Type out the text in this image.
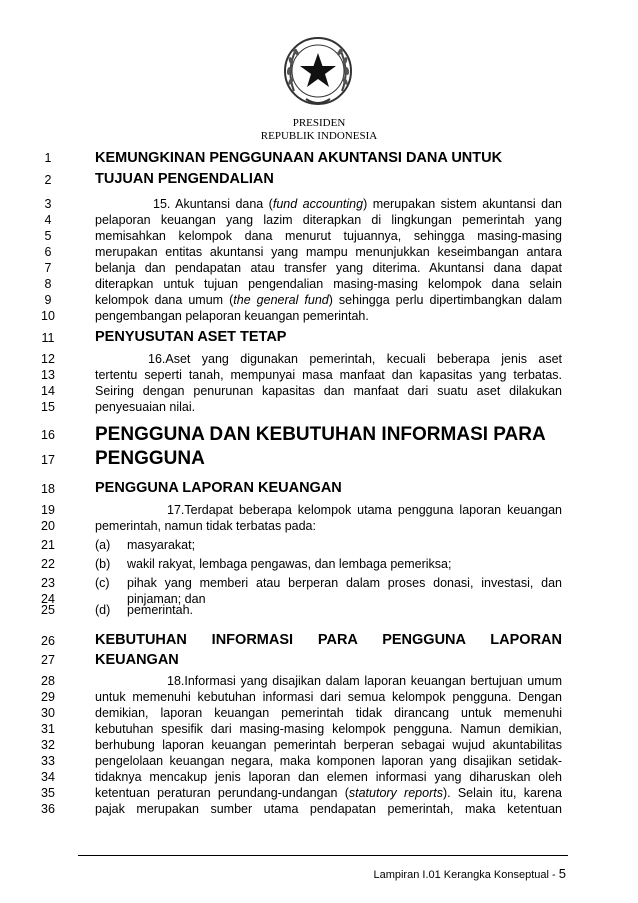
PRESIDEN
REPUBLIK INDONESIA
1
2
3
4
5
6
7
8
9
10
11
12
13
14
15
16
17
18
19
20
21
22
23
24
25
26
27
28
29
30
31
32
33
34
35
36
KEMUNGKINAN PENGGUNAAN AKUNTANSI DANA UNTUK
TUJUAN PENGENDALIAN
15. Akuntansi dana (fund accounting) merupakan sistem akuntansi dan
pelaporan keuangan yang lazim diterapkan di lingkungan pemerintah yang
memisahkan kelompok dana menurut tujuannya, sehingga masing-masing
merupakan entitas akuntansi yang mampu menunjukkan keseimbangan antara
belanja dan pendapatan atau transfer yang diterima. Akuntansi dana dapat
diterapkan untuk tujuan pengendalian masing-masing kelompok dana selain
kelompok dana umum (the general fund) sehingga perlu dipertimbangkan dalam
pengembangan pelaporan keuangan pemerintah.
PENYUSUTAN ASET TETAP
16.Aset yang digunakan pemerintah, kecuali beberapa jenis aset
tertentu seperti tanah, mempunyai masa manfaat dan kapasitas yang terbatas.
Seiring dengan penurunan kapasitas dan manfaat dari suatu aset dilakukan
penyesuaian nilai.
PENGGUNA DAN KEBUTUHAN INFORMASI PARA
PENGGUNA
PENGGUNA LAPORAN KEUANGAN
17.Terdapat beberapa kelompok utama pengguna laporan keuangan
pemerintah, namun tidak terbatas pada:
(a) masyarakat;
(b) wakil rakyat, lembaga pengawas, dan lembaga pemeriksa;
(c) pihak yang memberi atau berperan dalam proses donasi, investasi, dan
pinjaman; dan
(d) pemerintah.
KEBUTUHAN INFORMASI PARA PENGGUNA LAPORAN
KEUANGAN
18.Informasi yang disajikan dalam laporan keuangan bertujuan umum
untuk memenuhi kebutuhan informasi dari semua kelompok pengguna. Dengan
demikian, laporan keuangan pemerintah tidak dirancang untuk memenuhi
kebutuhan spesifik dari masing-masing kelompok pengguna. Namun demikian,
berhubung laporan keuangan pemerintah berperan sebagai wujud akuntabilitas
pengelolaan keuangan negara, maka komponen laporan yang disajikan setidak-
tidaknya mencakup jenis laporan dan elemen informasi yang diharuskan oleh
ketentuan peraturan perundang-undangan (statutory reports). Selain itu, karena
pajak merupakan sumber utama pendapatan pemerintah, maka ketentuan
Lampiran I.01 Kerangka Konseptual - 5
